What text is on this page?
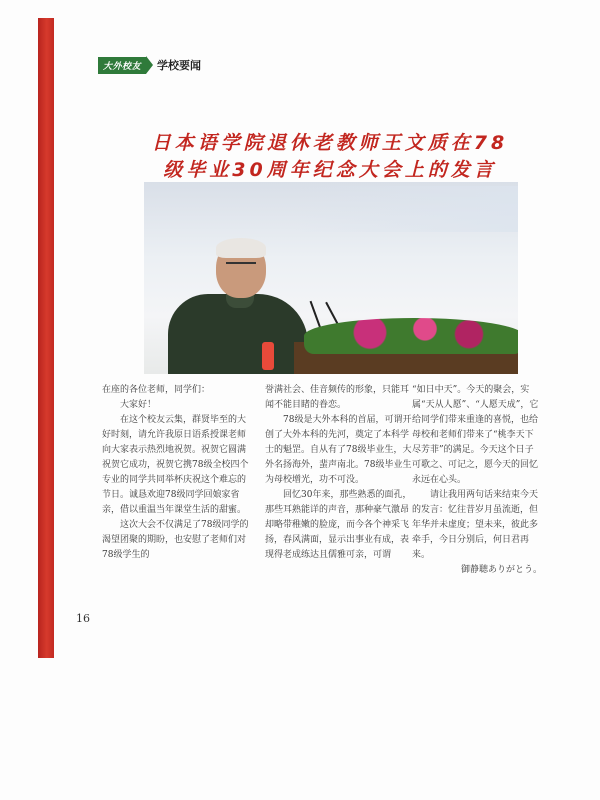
大外校友	学校要闻
日本语学院退休老教师王文质在78
级毕业30周年纪念大会上的发言

在座的各位老师，同学们：

大家好！

在这个校友云集，群贤毕至的大好时刻，请允许我原日语系授课老师向大家表示热烈地祝贺。祝贺它圆满祝贺它成功，祝贺它携78级全校四个专业的同学共同举杯庆祝这个难忘的节日。诚恳欢迎78级同学回娘家省亲，借以重温当年课堂生活的甜蜜。

这次大会不仅满足了78级同学的渴望团聚的期盼，也安慰了老师们对78级学生的

誉满社会、佳音频传的形象，只能耳闻不能目睹的眷恋。

78级是大外本科的首届，可谓开创了大外本科的先河，奠定了本科学士的魁罡。自从有了78级毕业生，大外名扬海外，蜚声南北。78级毕业生为母校增光，功不可没。

回忆30年来，那些熟悉的面孔，那些耳熟能详的声音，那种豪气激昂却略带稚嫩的脸庞，而今各个神采飞扬，春风满面，显示出事业有成，表现得老成练达且儒雅可亲，可谓

“如日中天”。今天的聚会，实属“天从人愿”、“人愿天成”，它给同学们带来重逢的喜悦，也给母校和老师们带来了“桃李天下尽芳菲”的满足。今天这个日子可歌之、可记之，愿今天的回忆永远在心头。

请让我用两句话来结束今天的发言：忆往昔岁月虽流逝，但年华并未虚度；望未来，彼此多牵手，今日分别后，何日君再来。

御静聴ありがとう。

16
